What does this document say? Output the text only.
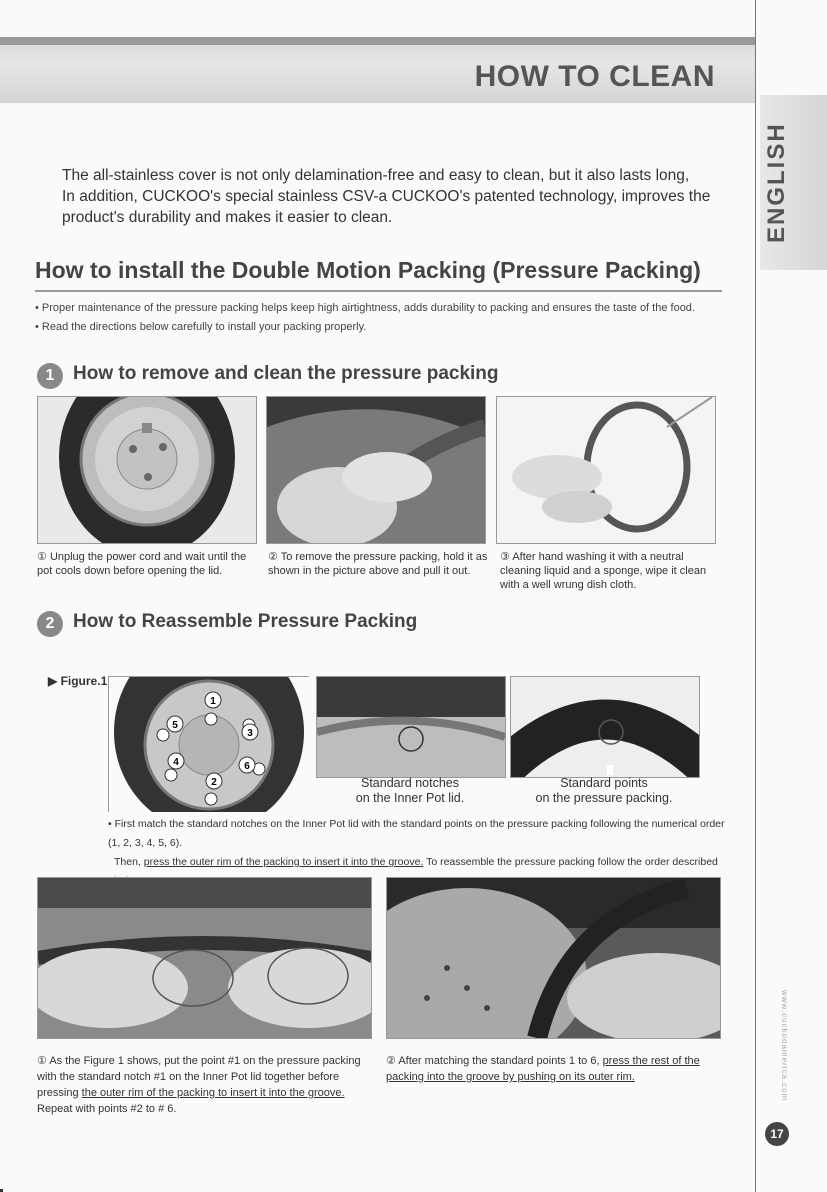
HOW TO CLEAN
ENGLISH
The all-stainless cover is not only delamination-free and easy to clean, but it also lasts long,
In addition, CUCKOO's special stainless CSV-a CUCKOO's patented technology, improves the
product's durability and makes it easier to clean.
How to install the Double Motion Packing (Pressure Packing)
• Proper maintenance of the pressure packing helps keep high airtightness, adds durability to packing and ensures the taste of the food.
• Read the directions below carefully to install your packing properly.
1 How to remove and clean the pressure packing
① Unplug the power cord and wait until the pot cools down before opening the lid.
② To remove the pressure packing, hold it as shown in the picture above and pull it out.
③ After hand washing it with a neutral cleaning liquid and a sponge, wipe it clean with a well wrung dish cloth.
2 How to Reassemble Pressure Packing
▶ Figure.1
1
2
3
4
5
6
Standard notches
on the Inner Pot lid.
Standard points
on the pressure packing.
• First match the standard notches on the Inner Pot lid with the standard points on the pressure packing following the numerical order (1, 2, 3, 4, 5, 6).
Then, press the outer rim of the packing to insert it into the groove. To reassemble the pressure packing follow the order described
① As the Figure 1 shows, put the point #1 on the pressure packing with the standard notch #1 on the Inner Pot lid together before pressing the outer rim of the packing to insert it into the groove. Repeat with points #2 to # 6.
② After matching the standard points 1 to 6, press the rest of the packing into the groove by pushing on its outer rim.	www.cuckooamerica.com
17
